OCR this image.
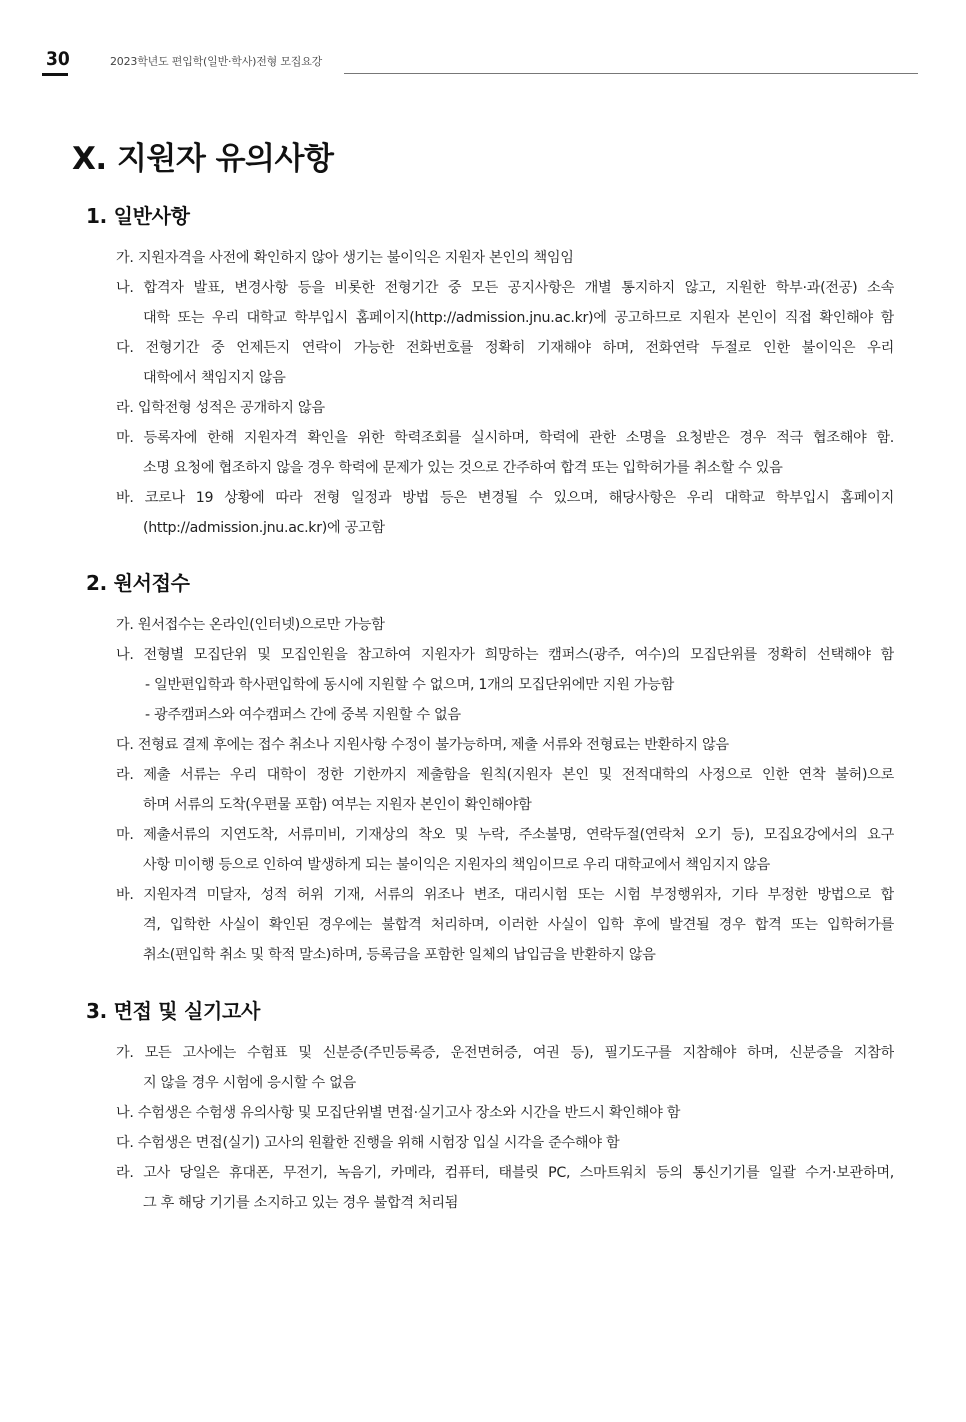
30	2023학년도 편입학(일반·학사)전형 모집요강
Ⅹ. 지원자 유의사항
1. 일반사항
가. 지원자격을 사전에 확인하지 않아 생기는 불이익은 지원자 본인의 책임임
나. 합격자 발표, 변경사항 등을 비롯한 전형기간 중 모든 공지사항은 개별 통지하지 않고, 지원한 학부·과(전공) 소속
대학 또는 우리 대학교 학부입시 홈페이지(http://admission.jnu.ac.kr)에 공고하므로 지원자 본인이 직접 확인해야 함
다. 전형기간 중 언제든지 연락이 가능한 전화번호를 정확히 기재해야 하며, 전화연락 두절로 인한 불이익은 우리
대학에서 책임지지 않음
라. 입학전형 성적은 공개하지 않음
마. 등록자에 한해 지원자격 확인을 위한 학력조회를 실시하며, 학력에 관한 소명을 요청받은 경우 적극 협조해야 함.
소명 요청에 협조하지 않을 경우 학력에 문제가 있는 것으로 간주하여 합격 또는 입학허가를 취소할 수 있음
바. 코로나 19 상황에 따라 전형 일정과 방법 등은 변경될 수 있으며, 해당사항은 우리 대학교 학부입시 홈페이지
(http://admission.jnu.ac.kr)에 공고함
2. 원서접수
가. 원서접수는 온라인(인터넷)으로만 가능함
나. 전형별 모집단위 및 모집인원을 참고하여 지원자가 희망하는 캠퍼스(광주, 여수)의 모집단위를 정확히 선택해야 함
- 일반편입학과 학사편입학에 동시에 지원할 수 없으며, 1개의 모집단위에만 지원 가능함
- 광주캠퍼스와 여수캠퍼스 간에 중복 지원할 수 없음
다. 전형료 결제 후에는 접수 취소나 지원사항 수정이 불가능하며, 제출 서류와 전형료는 반환하지 않음
라. 제출 서류는 우리 대학이 정한 기한까지 제출함을 원칙(지원자 본인 및 전적대학의 사정으로 인한 연착 불허)으로
하며 서류의 도착(우편물 포함) 여부는 지원자 본인이 확인해야함
마. 제출서류의 지연도착, 서류미비, 기재상의 착오 및 누락, 주소불명, 연락두절(연락처 오기 등), 모집요강에서의 요구
사항 미이행 등으로 인하여 발생하게 되는 불이익은 지원자의 책임이므로 우리 대학교에서 책임지지 않음
바. 지원자격 미달자, 성적 허위 기재, 서류의 위조나 변조, 대리시험 또는 시험 부정행위자, 기타 부정한 방법으로 합
격, 입학한 사실이 확인된 경우에는 불합격 처리하며, 이러한 사실이 입학 후에 발견될 경우 합격 또는 입학허가를
취소(편입학 취소 및 학적 말소)하며, 등록금을 포함한 일체의 납입금을 반환하지 않음
3. 면접 및 실기고사
가. 모든 고사에는 수험표 및 신분증(주민등록증, 운전면허증, 여권 등), 필기도구를 지참해야 하며, 신분증을 지참하
지 않을 경우 시험에 응시할 수 없음
나. 수험생은 수험생 유의사항 및 모집단위별 면접·실기고사 장소와 시간을 반드시 확인해야 함
다. 수험생은 면접(실기) 고사의 원활한 진행을 위해 시험장 입실 시각을 준수해야 함
라. 고사 당일은 휴대폰, 무전기, 녹음기, 카메라, 컴퓨터, 태블릿 PC, 스마트워치 등의 통신기기를 일괄 수거·보관하며,
그 후 해당 기기를 소지하고 있는 경우 불합격 처리됨
